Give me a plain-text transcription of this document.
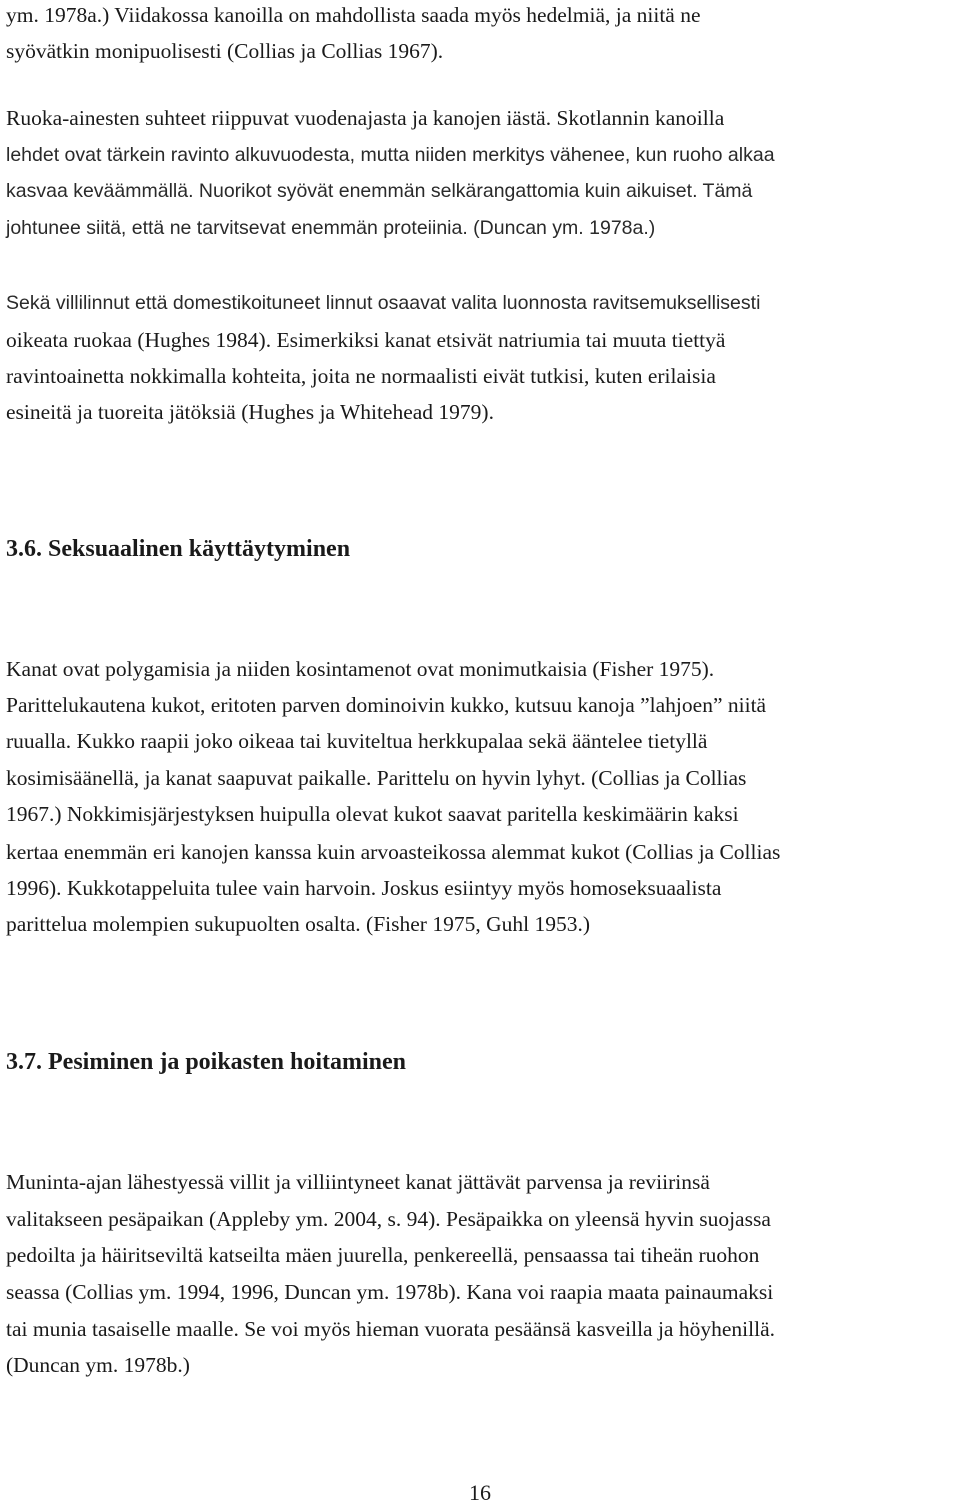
ym. 1978a.) Viidakossa kanoilla on mahdollista saada myös hedelmiä, ja niitä ne
syövätkin monipuolisesti (Collias ja Collias 1967).
Ruoka-ainesten suhteet riippuvat vuodenajasta ja kanojen iästä. Skotlannin kanoilla
lehdet ovat tärkein ravinto alkuvuodesta, mutta niiden merkitys vähenee, kun ruoho alkaa
kasvaa keväämmällä. Nuorikot syövät enemmän selkärangattomia kuin aikuiset. Tämä
johtunee siitä, että ne tarvitsevat enemmän proteiinia. (Duncan ym. 1978a.)
Sekä villilinnut että domestikoituneet linnut osaavat valita luonnosta ravitsemuksellisesti
oikeata ruokaa (Hughes 1984). Esimerkiksi kanat etsivät natriumia tai muuta tiettyä
ravintoainetta nokkimalla kohteita, joita ne normaalisti eivät tutkisi, kuten erilaisia
esineitä ja tuoreita jätöksiä (Hughes ja Whitehead 1979).
3.6. Seksuaalinen käyttäytyminen
Kanat ovat polygamisia ja niiden kosintamenot ovat monimutkaisia (Fisher 1975).
Parittelukautena kukot, eritoten parven dominoivin kukko, kutsuu kanoja ”lahjoen” niitä
ruualla. Kukko raapii joko oikeaa tai kuviteltua herkkupalaa sekä ääntelee tietyllä
kosimisäänellä, ja kanat saapuvat paikalle. Parittelu on hyvin lyhyt. (Collias ja Collias
1967.) Nokkimisjärjestyksen huipulla olevat kukot saavat paritella keskimäärin kaksi
kertaa enemmän eri kanojen kanssa kuin arvoasteikossa alemmat kukot (Collias ja Collias
1996). Kukkotappeluita tulee vain harvoin. Joskus esiintyy myös homoseksuaalista
parittelua molempien sukupuolten osalta. (Fisher 1975, Guhl 1953.)
3.7. Pesiminen ja poikasten hoitaminen
Muninta-ajan lähestyessä villit ja villiintyneet kanat jättävät parvensa ja reviirinsä
valitakseen pesäpaikan (Appleby ym. 2004, s. 94). Pesäpaikka on yleensä hyvin suojassa
pedoilta ja häiritseviltä katseilta mäen juurella, penkereellä, pensaassa tai tiheän ruohon
seassa (Collias ym. 1994, 1996, Duncan ym. 1978b). Kana voi raapia maata painaumaksi
tai munia tasaiselle maalle. Se voi myös hieman vuorata pesäänsä kasveilla ja höyhenillä.
(Duncan ym. 1978b.)
16
